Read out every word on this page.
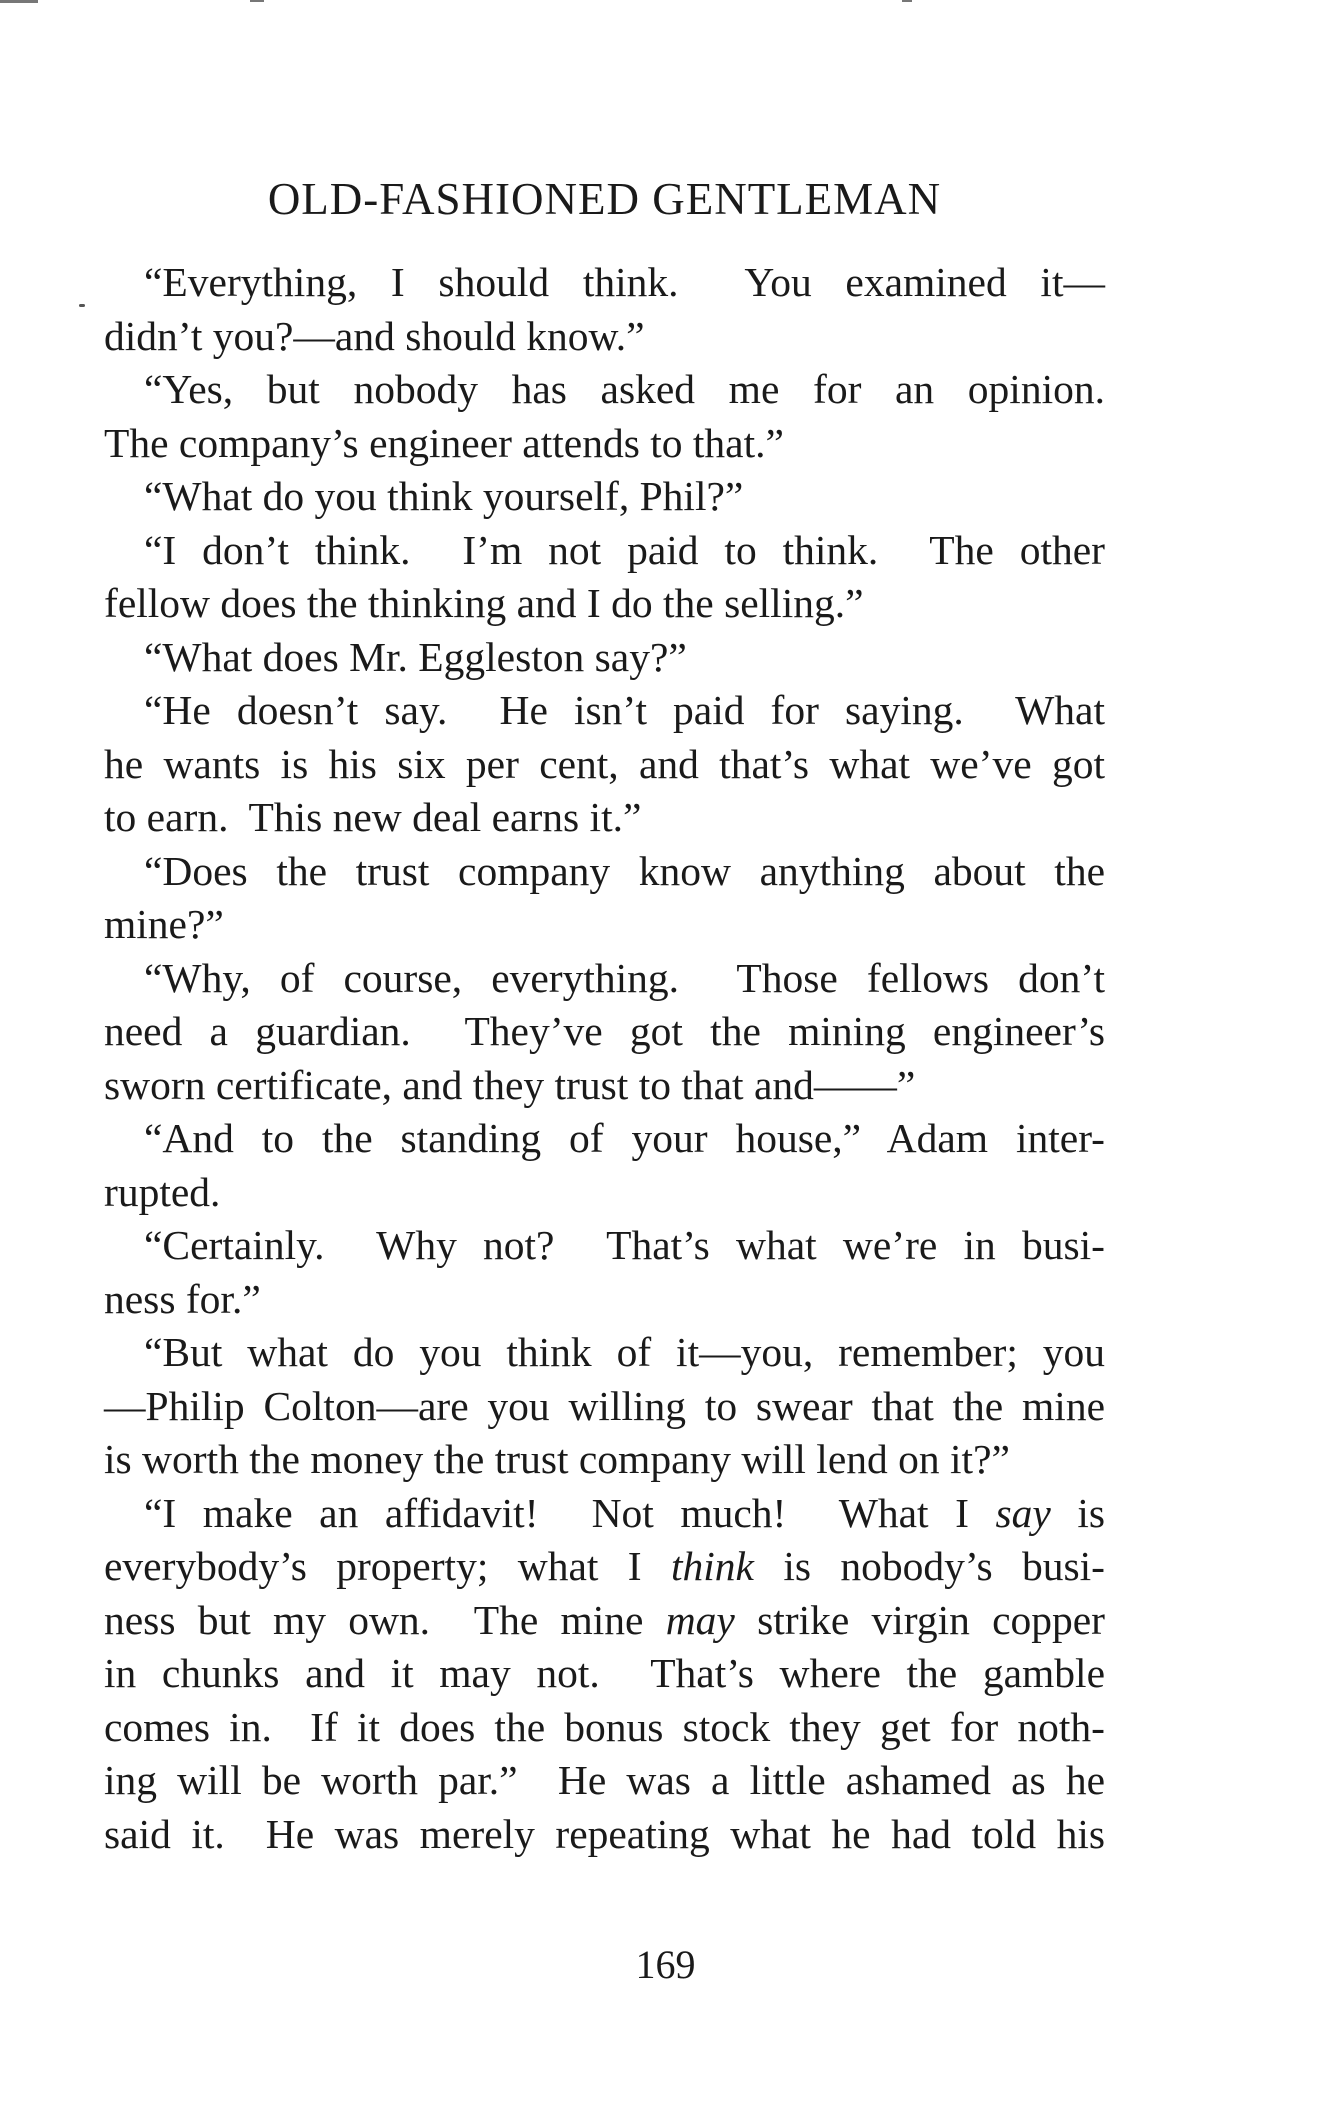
OLD-FASHIONED GENTLEMAN
“Everything, I should think.  You examined it—
didn’t you?—and should know.”
“Yes, but nobody has asked me for an opinion.
The company’s engineer attends to that.”
“What do you think yourself, Phil?”
“I don’t think.  I’m not paid to think.  The other
fellow does the thinking and I do the selling.”
“What does Mr. Eggleston say?”
“He doesn’t say.  He isn’t paid for saying.  What
he wants is his six per cent, and that’s what we’ve got
to earn.  This new deal earns it.”
“Does the trust company know anything about the
mine?”
“Why, of course, everything.  Those fellows don’t
need a guardian.  They’ve got the mining engineer’s
sworn certificate, and they trust to that and——”
“And to the standing of your house,” Adam inter-
rupted.
“Certainly.  Why not?  That’s what we’re in busi-
ness for.”
“But what do you think of it—you, remember; you
—Philip Colton—are you willing to swear that the mine
is worth the money the trust company will lend on it?”
“I make an affidavit!  Not much!  What I say is
everybody’s property; what I think is nobody’s busi-
ness but my own.  The mine may strike virgin copper
in chunks and it may not.  That’s where the gamble
comes in.  If it does the bonus stock they get for noth-
ing will be worth par.”  He was a little ashamed as he
said it.  He was merely repeating what he had told his
169
